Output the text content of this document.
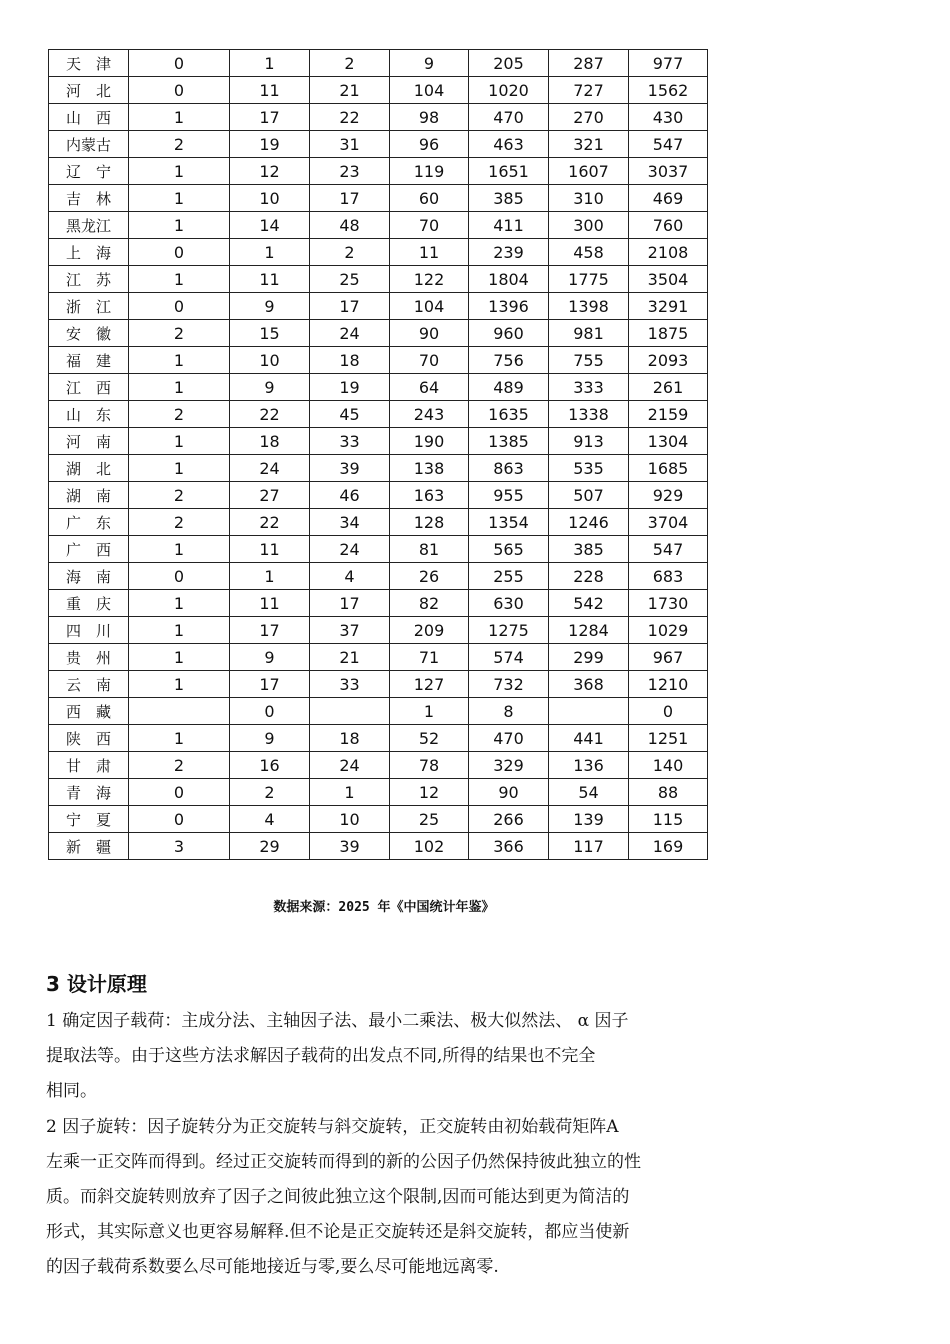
天　津	0	1	2	9	205	287	977
河　北	0	11	21	104	1020	727	1562
山　西	1	17	22	98	470	270	430
内蒙古	2	19	31	96	463	321	547
辽　宁	1	12	23	119	1651	1607	3037
吉　林	1	10	17	60	385	310	469
黑龙江	1	14	48	70	411	300	760
上　海	0	1	2	11	239	458	2108
江　苏	1	11	25	122	1804	1775	3504
浙　江	0	9	17	104	1396	1398	3291
安　徽	2	15	24	90	960	981	1875
福　建	1	10	18	70	756	755	2093
江　西	1	9	19	64	489	333	261
山　东	2	22	45	243	1635	1338	2159
河　南	1	18	33	190	1385	913	1304
湖　北	1	24	39	138	863	535	1685
湖　南	2	27	46	163	955	507	929
广　东	2	22	34	128	1354	1246	3704
广　西	1	11	24	81	565	385	547
海　南	0	1	4	26	255	228	683
重　庆	1	11	17	82	630	542	1730
四　川	1	17	37	209	1275	1284	1029
贵　州	1	9	21	71	574	299	967
云　南	1	17	33	127	732	368	1210
西　藏		0		1	8		0
陕　西	1	9	18	52	470	441	1251
甘　肃	2	16	24	78	329	136	140
青　海	0	2	1	12	90	54	88
宁　夏	0	4	10	25	266	139	115
新　疆	3	29	39	102	366	117	169
数据来源：2025 年《中国统计年鉴》
3 设计原理
1 确定因子载荷：主成分法、主轴因子法、最小二乘法、极大似然法、 α 因子
提取法等。由于这些方法求解因子载荷的出发点不同,所得的结果也不完全
相同。
2 因子旋转：因子旋转分为正交旋转与斜交旋转，正交旋转由初始载荷矩阵A
左乘一正交阵而得到。经过正交旋转而得到的新的公因子仍然保持彼此独立的性
质。而斜交旋转则放弃了因子之间彼此独立这个限制,因而可能达到更为简洁的
形式，其实际意义也更容易解释.但不论是正交旋转还是斜交旋转，都应当使新
的因子载荷系数要么尽可能地接近与零,要么尽可能地远离零.
